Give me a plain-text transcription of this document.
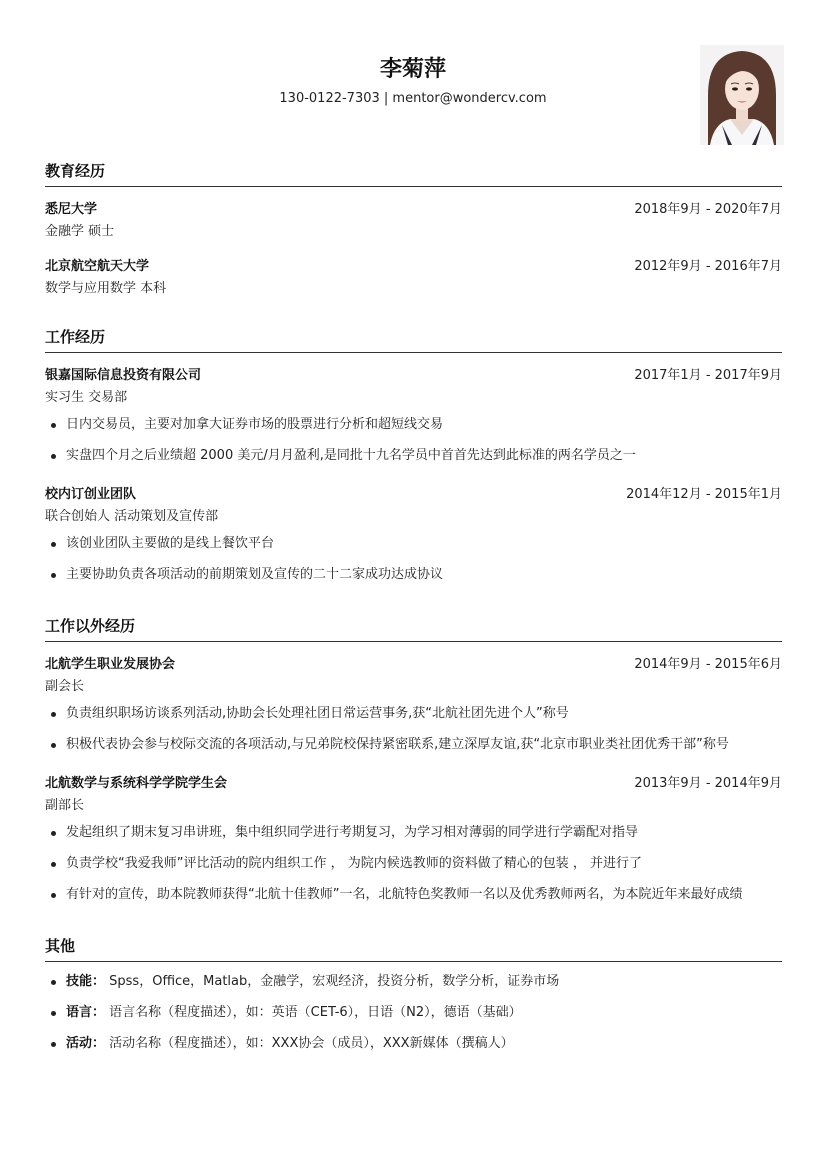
李菊萍
130-0122-7303 | mentor@wondercv.com
教育经历
悉尼大学	2018年9月 - 2020年7月
金融学 硕士
北京航空航天大学	2012年9月 - 2016年7月
数学与应用数学 本科
工作经历
银嘉国际信息投资有限公司	2017年1月 - 2017年9月
实习生 交易部
日内交易员，主要对加拿大证券市场的股票进行分析和超短线交易
实盘四个月之后业绩超 2000 美元/⽉月盈利,是同批十九名学员中⾸首先达到此标准的两名学员之一
校内订创业团队	2014年12月 - 2015年1月
联合创始人 活动策划及宣传部
该创业团队主要做的是线上餐饮平台
主要协助负责各项活动的前期策划及宣传的二十二家成功达成协议
工作以外经历
北航学生职业发展协会	2014年9月 - 2015年6月
副会长
负责组织职场访谈系列活动,协助会长处理社团日常运营事务,获“北航社团先进个人”称号
积极代表协会参与校际交流的各项活动,与兄弟院校保持紧密联系,建立深厚友谊,获“北京市职业类社团优秀干部”称号
北航数学与系统科学学院学生会	2013年9月 - 2014年9月
副部长
发起组织了期末复习串讲班，集中组织同学进行考期复习，为学习相对薄弱的同学进行学霸配对指导
负责学校“我爱我师”评比活动的院内组织工作 ， 为院内候选教师的资料做了精心的包装 ， 并进行了
有针对的宣传，助本院教师获得“北航十佳教师”一名，北航特色奖教师一名以及优秀教师两名，为本院近年来最好成绩
其他
技能： Spss，Office，Matlab，金融学，宏观经济，投资分析，数学分析，证券市场
语言： 语言名称（程度描述），如：英语（CET-6），日语（N2），德语（基础）
活动： 活动名称（程度描述），如：XXX协会（成员），XXX新媒体（撰稿人）
